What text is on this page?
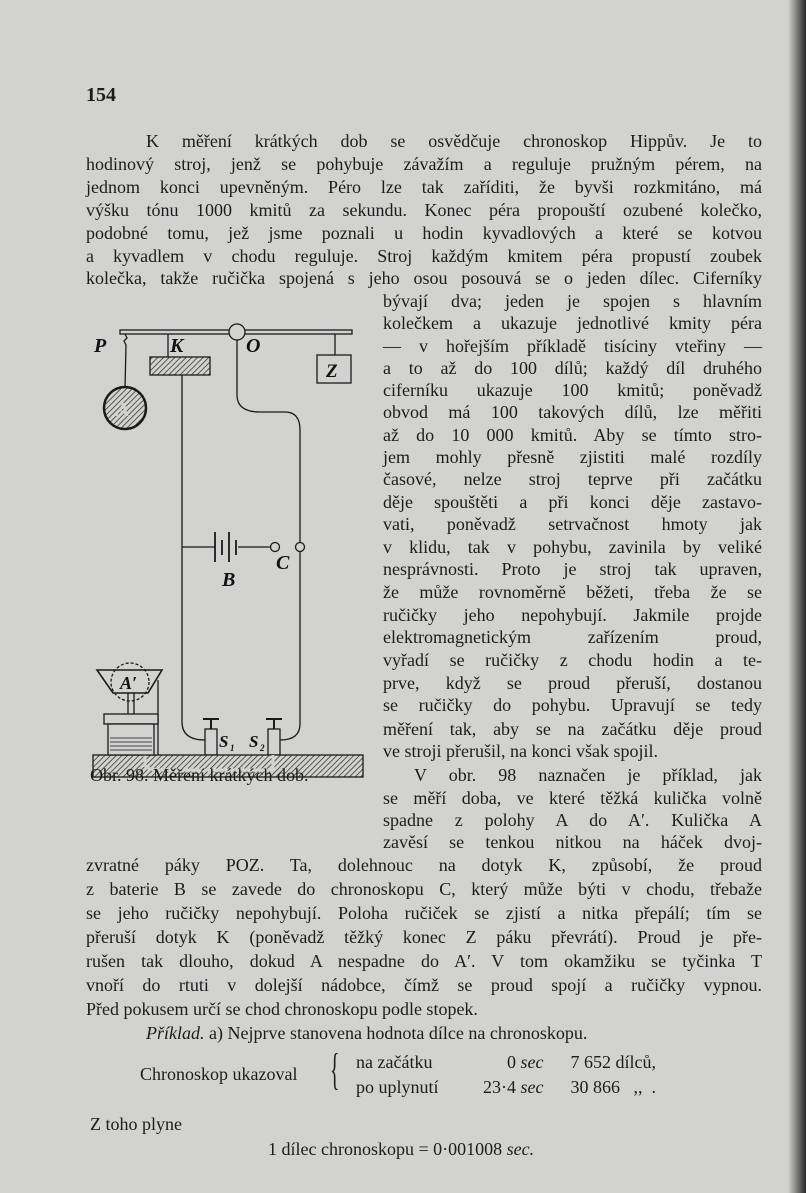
154
K měření krátkých dob se osvědčuje chronoskop Hippův. Je to
hodinový stroj, jenž se pohybuje závažím a reguluje pružným pérem, na
jednom konci upevněným. Péro lze tak zaříditi, že byvši rozkmitáno, má
výšku tónu 1000 kmitů za sekundu. Konec péra propouští ozubené kolečko,
podobné tomu, jež jsme poznali u hodin kyvadlových a které se kotvou
a kyvadlem v chodu reguluje. Stroj každým kmitem péra propustí zoubek
kolečka, takže ručička spojená s jeho osou posouvá se o jeden dílec. Ciferníky
bývají dva; jeden je spojen s hlavním
kolečkem a ukazuje jednotlivé kmity péra
— v hořejším příkladě tisíciny vteřiny —
a to až do 100 dílů; každý díl druhého
ciferníku ukazuje 100 kmitů; poněvadž
obvod má 100 takových dílů, lze měřiti
až do 10 000 kmitů. Aby se tímto stro-
jem mohly přesně zjistiti malé rozdíly
časové, nelze stroj teprve při začátku
děje spouštěti a při konci děje zastavo-
vati, poněvadž setrvačnost hmoty jak
v klidu, tak v pohybu, zavinila by veliké
nesprávnosti. Proto je stroj tak upraven,
že může rovnoměrně běžeti, třeba že se
ručičky jeho nepohybují. Jakmile projde
elektromagnetickým zařízením proud,
vyřadí se ručičky z chodu hodin a te-
prve, když se proud přeruší, dostanou
se ručičky do pohybu. Upravují se tedy
měření tak, aby se na začátku děje proud
ve stroji přerušil, na konci však spojil.
V obr. 98 naznačen je příklad, jak
se měří doba, ve které těžká kulička volně
spadne z polohy A do A′. Kulička A
zavěsí se tenkou nitkou na háček dvoj-
zvratné páky POZ. Ta, dolehnouc na dotyk K, způsobí, že proud
z baterie B se zavede do chronoskopu C, který může býti v chodu, třebaže
se jeho ručičky nepohybují. Poloha ručiček se zjistí a nitka přepálí; tím se
přeruší dotyk K (poněvadž těžký konec Z páku převrátí). Proud je pře-
rušen tak dlouho, dokud A nespadne do A′. V tom okamžiku se tyčinka T
vnoří do rtuti v dolejší nádobce, čímž se proud spojí a ručičky vypnou.
Před pokusem určí se chod chronoskopu podle stopek.
P	K	O
Z
A
B
C
A′
S 1 S 2
Obr. 98. Měření krátkých dob.
Příklad. a) Nejprve stanovena hodnota dílce na chronoskopu.
Chronoskop ukazoval { na začátku	0 sec 7 652 dílců,
po uplynutí 23·4 sec 30 866   ,,  .
Z toho plyne
1 dílec chronoskopu = 0·001008 sec.
